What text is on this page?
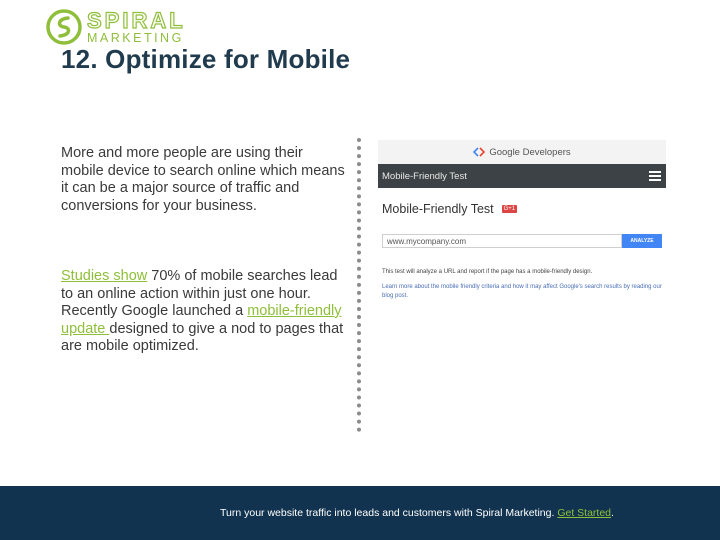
12. Optimize for Mobile
More and more people are using their mobile device to search online which means it can be a major source of traffic and conversions for your business.
Studies show 70% of mobile searches lead to an online action within just one hour. Recently Google launched a mobile-friendly update designed to give a nod to pages that are mobile optimized.
Google Developers
Mobile-Friendly Test
Mobile-Friendly Test	G+1
www.mycompany.com	ANALYZE
This test will analyze a URL and report if the page has a mobile-friendly design.
Learn more about the mobile friendly criteria and how it may affect Google's search results by reading our blog post.
SPIRAL
MARKETING
Turn your website traffic into leads and customers with Spiral Marketing. Get Started.
